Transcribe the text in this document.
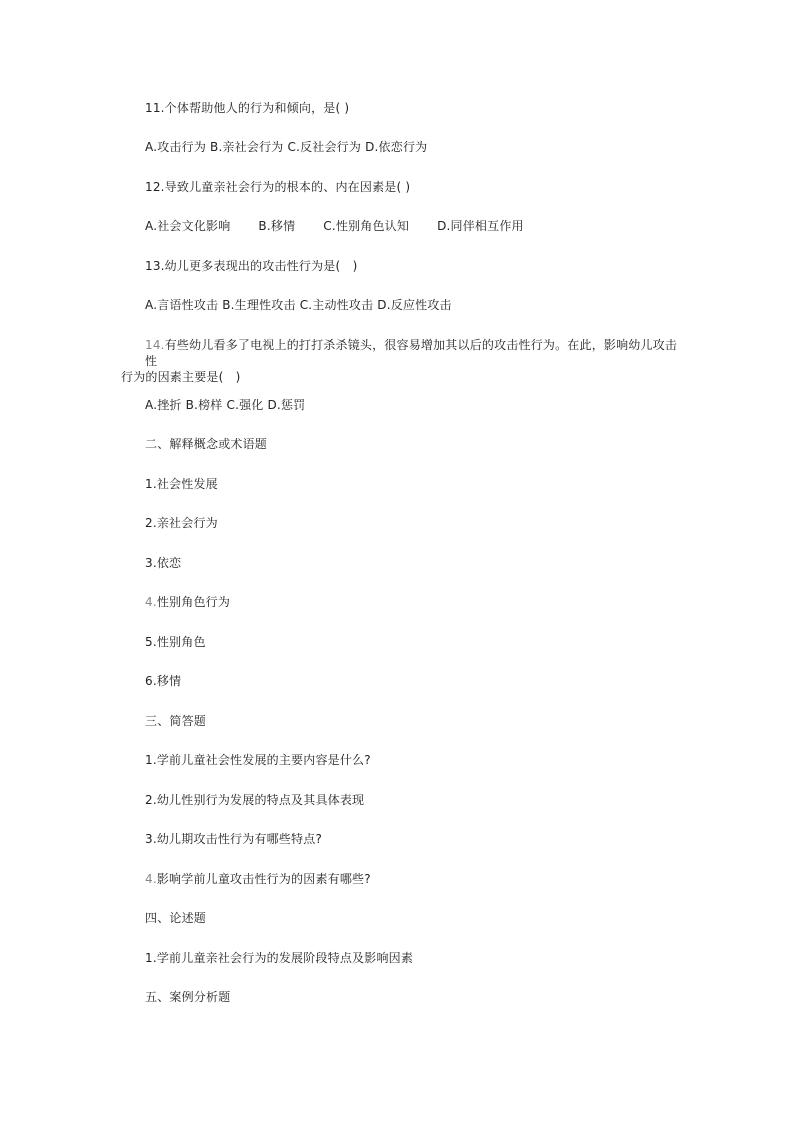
11.个体帮助他人的行为和倾向，是( )
A.攻击行为 B.亲社会行为 C.反社会行为 D.依恋行为
12.导致儿童亲社会行为的根本的、内在因素是( )
A.社会文化影响 B.移情 C.性别角色认知 D.同伴相互作用
13.幼儿更多表现出的攻击性行为是(　)
A.言语性攻击 B.生理性攻击 C.主动性攻击 D.反应性攻击
14.有些幼儿看多了电视上的打打杀杀镜头，很容易增加其以后的攻击性行为。在此，影响幼儿攻击性
行为的因素主要是(　)
A.挫折 B.榜样 C.强化 D.惩罚
二、解释概念或术语题
1.社会性发展
2.亲社会行为
3.依恋
4.性别角色行为
5.性别角色
6.移情
三、简答题
1.学前儿童社会性发展的主要内容是什么?
2.幼儿性别行为发展的特点及其具体表现
3.幼儿期攻击性行为有哪些特点?
4.影响学前儿童攻击性行为的因素有哪些?
四、论述题
1.学前儿童亲社会行为的发展阶段特点及影响因素
五、案例分析题
